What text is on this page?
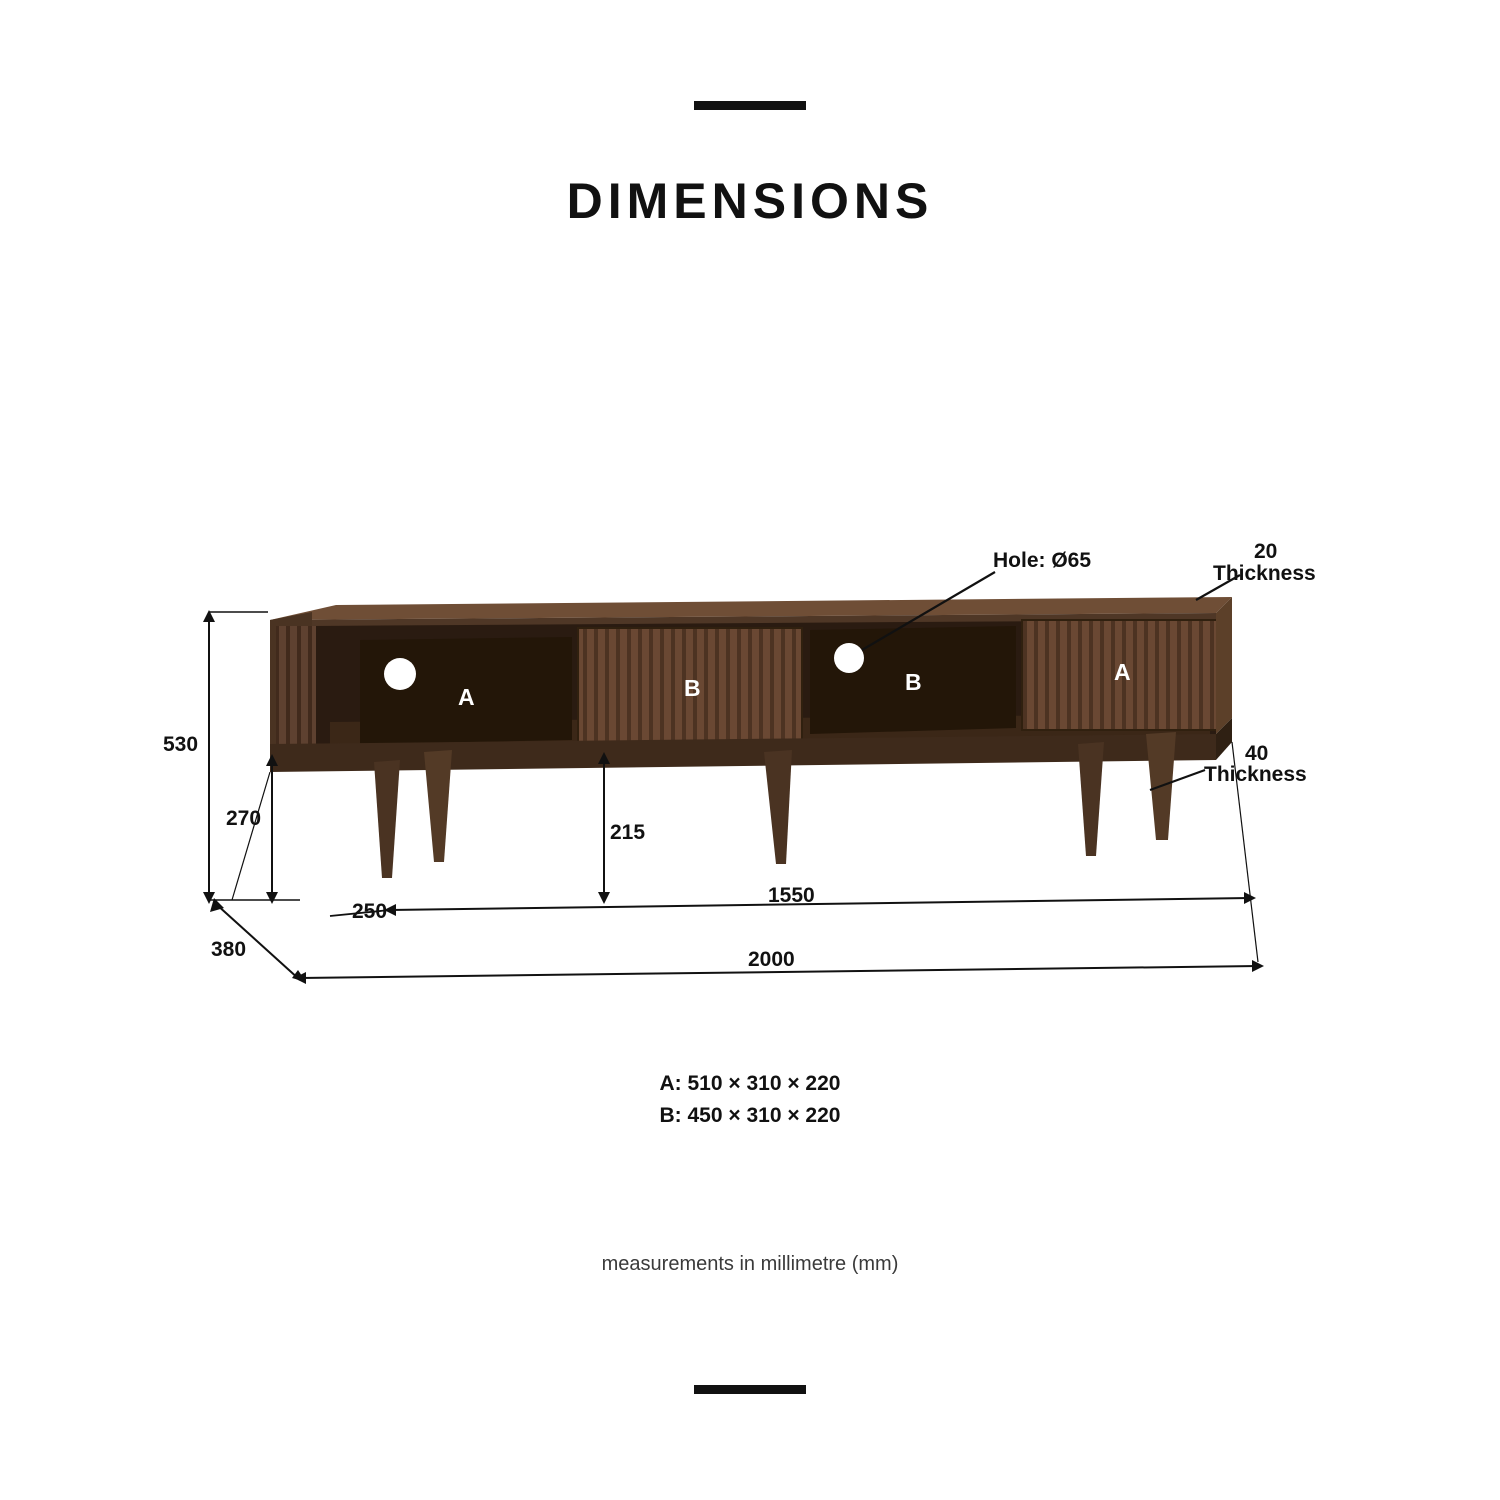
DIMENSIONS
Hole: Ø65	20
Thickness
40
Thickness
530
270
215
250
1550
2000
380
A	B	B	A
A: 510 × 310 × 220
B: 450 × 310 × 220
measurements in millimetre (mm)
